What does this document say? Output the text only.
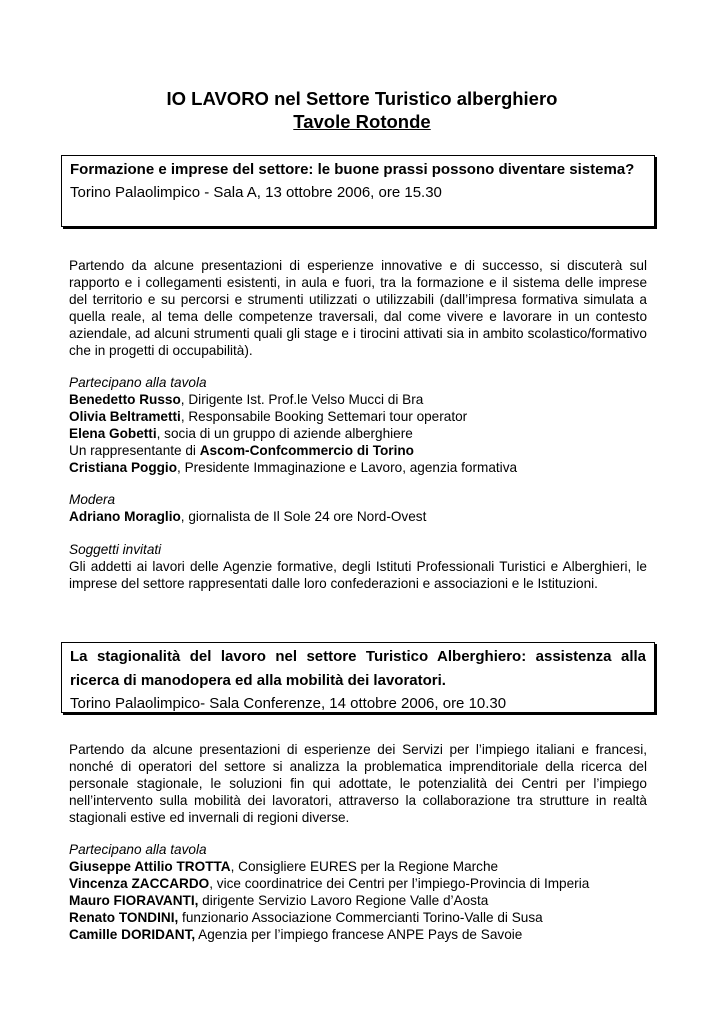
IO LAVORO nel Settore Turistico alberghiero
Tavole Rotonde
Formazione e imprese del settore: le buone prassi possono diventare sistema?
Torino Palaolimpico - Sala A, 13 ottobre 2006, ore 15.30
Partendo da alcune presentazioni di esperienze innovative e di successo, si discuterà sul rapporto e i collegamenti esistenti, in aula e fuori, tra la formazione e il sistema delle imprese del territorio e su percorsi e strumenti utilizzati o utilizzabili (dall’impresa formativa simulata a quella reale, al tema delle competenze traversali, dal come vivere e lavorare in un contesto aziendale, ad alcuni strumenti quali gli stage e i tirocini attivati sia in ambito scolastico/formativo che in progetti di occupabilità).
Partecipano alla tavola
Benedetto Russo, Dirigente Ist. Prof.le Velso Mucci di Bra
Olivia Beltrametti, Responsabile Booking Settemari tour operator
Elena Gobetti, socia di un gruppo di aziende alberghiere
Un rappresentante di Ascom-Confcommercio di Torino
Cristiana Poggio, Presidente Immaginazione e Lavoro, agenzia formativa
Modera
Adriano Moraglio, giornalista de Il Sole 24 ore Nord-Ovest
Soggetti invitati
Gli addetti ai lavori delle Agenzie formative, degli Istituti Professionali Turistici e Alberghieri, le imprese del settore rappresentati dalle loro confederazioni e associazioni e le Istituzioni.
La stagionalità del lavoro nel settore Turistico Alberghiero: assistenza alla ricerca di manodopera ed alla mobilità dei lavoratori.
Torino Palaolimpico- Sala Conferenze, 14 ottobre 2006, ore 10.30
Partendo da alcune presentazioni di esperienze dei Servizi per l’impiego italiani e francesi, nonché di operatori del settore si analizza la problematica imprenditoriale della ricerca del personale stagionale, le soluzioni fin qui adottate, le potenzialità dei Centri per l’impiego nell’intervento sulla mobilità dei lavoratori, attraverso la collaborazione tra strutture in realtà stagionali estive ed invernali di regioni diverse.
Partecipano alla tavola
Giuseppe Attilio TROTTA, Consigliere EURES per la Regione Marche
Vincenza ZACCARDO, vice coordinatrice dei Centri per l’impiego-Provincia di Imperia
Mauro FIORAVANTI, dirigente Servizio Lavoro Regione Valle d’Aosta
Renato TONDINI, funzionario Associazione Commercianti Torino-Valle di Susa
Camille DORIDANT, Agenzia per l’impiego francese ANPE Pays de Savoie
